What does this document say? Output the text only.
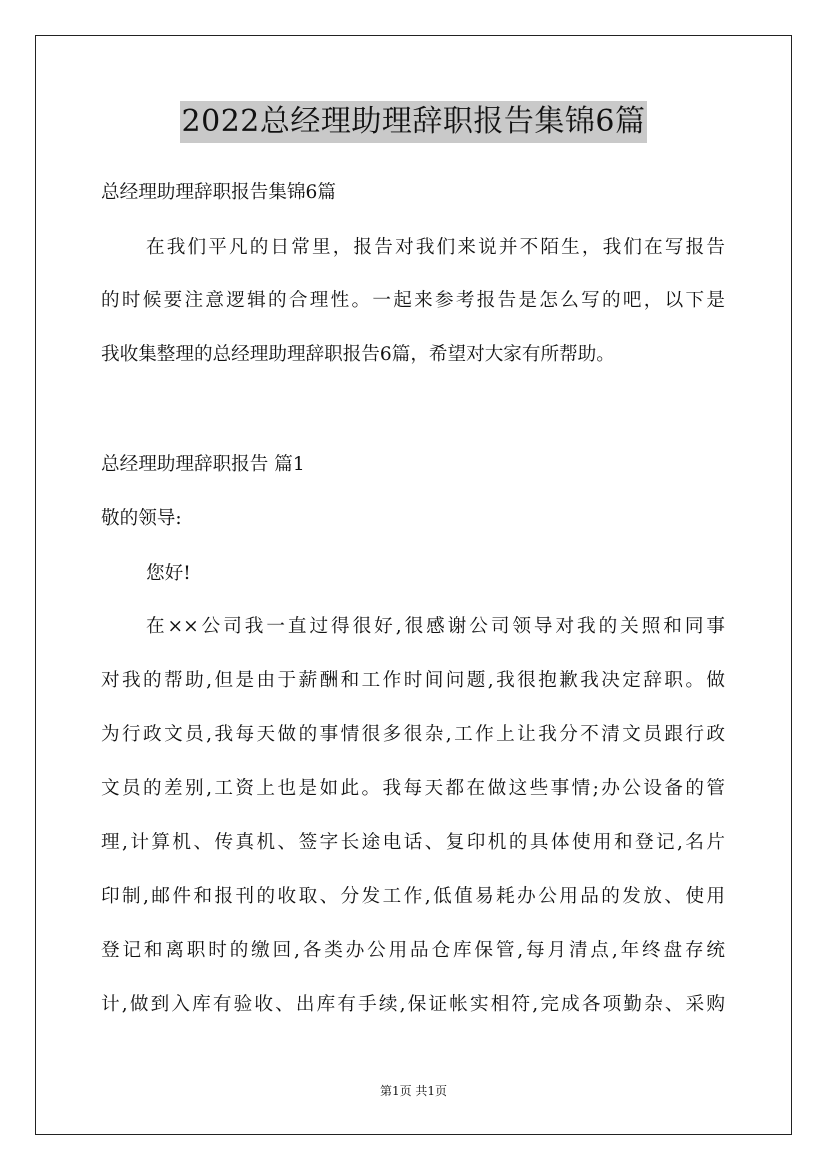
2022总经理助理辞职报告集锦6篇
总经理助理辞职报告集锦6篇
在我们平凡的日常里，报告对我们来说并不陌生，我们在写报告
的时候要注意逻辑的合理性。一起来参考报告是怎么写的吧，以下是
我收集整理的总经理助理辞职报告6篇，希望对大家有所帮助。
总经理助理辞职报告 篇1
敬的领导:
您好!
在××公司我一直过得很好,很感谢公司领导对我的关照和同事
对我的帮助,但是由于薪酬和工作时间问题,我很抱歉我决定辞职。做
为行政文员,我每天做的事情很多很杂,工作上让我分不清文员跟行政
文员的差别,工资上也是如此。我每天都在做这些事情;办公设备的管
理,计算机、传真机、签字长途电话、复印机的具体使用和登记,名片
印制,邮件和报刊的收取、分发工作,低值易耗办公用品的发放、使用
登记和离职时的缴回,各类办公用品仓库保管,每月清点,年终盘存统
计,做到入库有验收、出库有手续,保证帐实相符,完成各项勤杂、采购
第1页 共1页
